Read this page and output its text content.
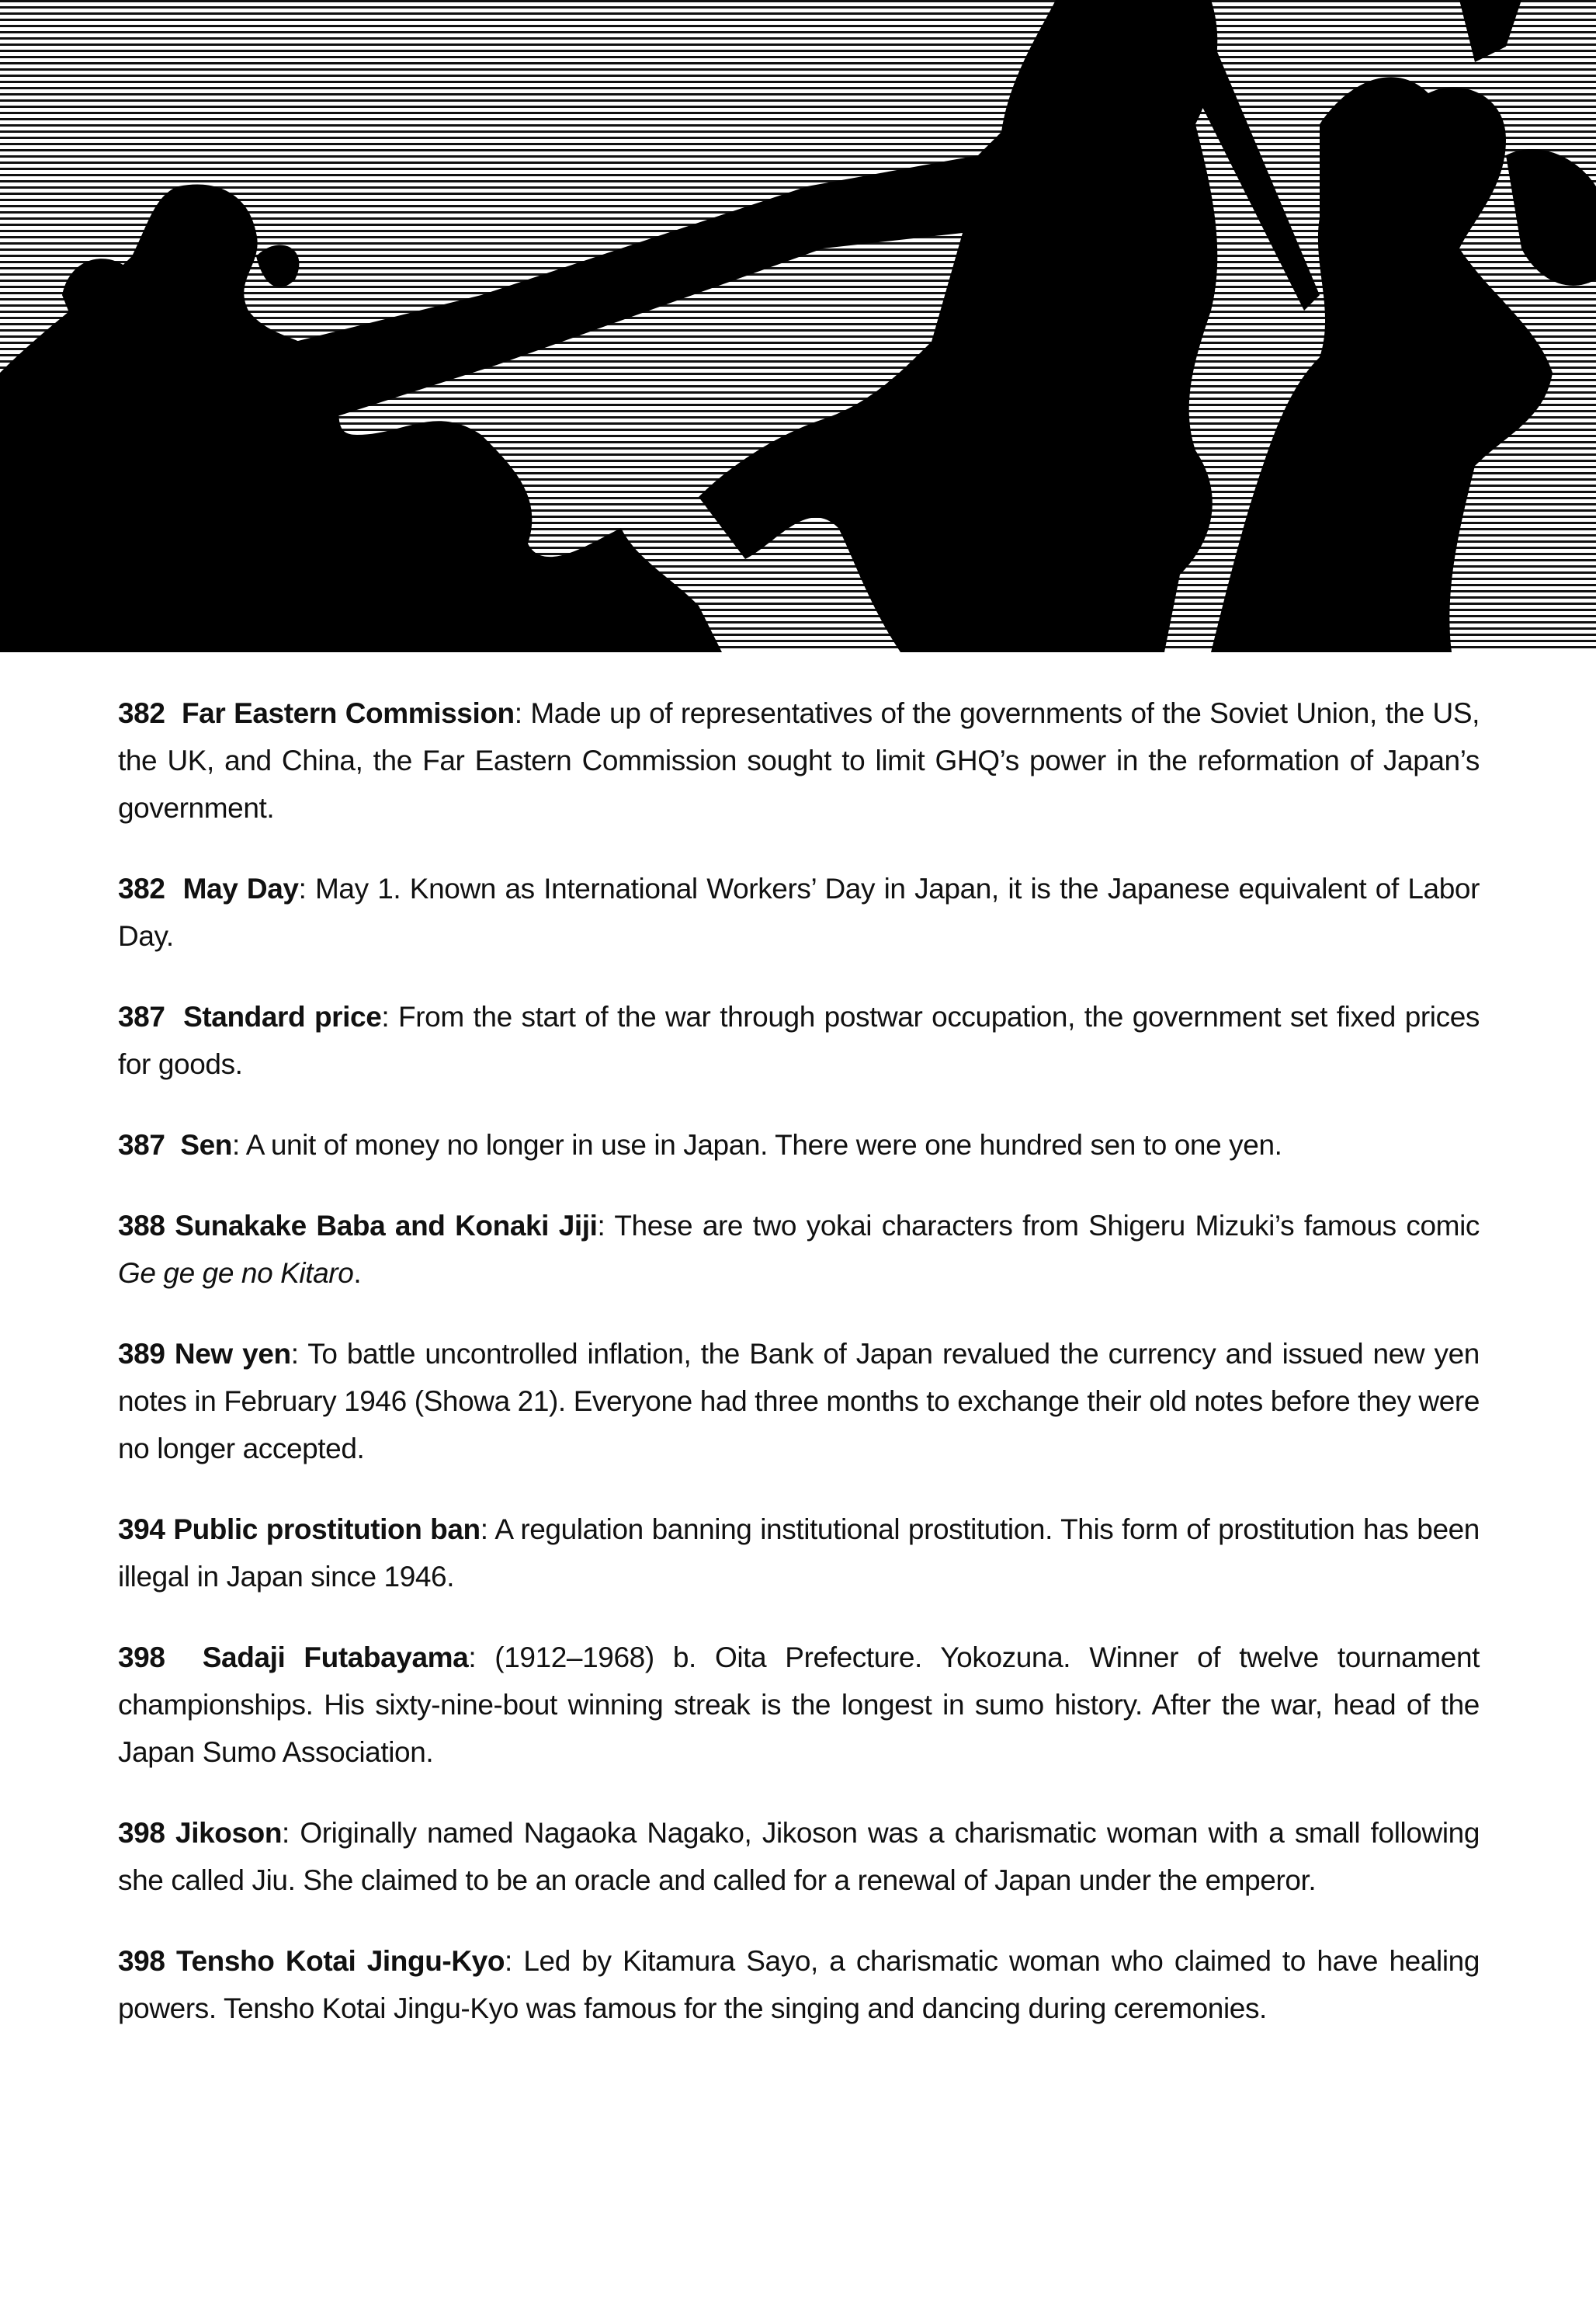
382 Far Eastern Commission: Made up of representatives of the governments of the Soviet Union, the US, the UK, and China, the Far Eastern Commission sought to limit GHQ’s power in the reformation of Japan’s government.

382 May Day: May 1. Known as International Workers’ Day in Japan, it is the Japanese equivalent of Labor Day.

387 Standard price: From the start of the war through postwar occupation, the government set fixed prices for goods.

387 Sen: A unit of money no longer in use in Japan. There were one hundred sen to one yen.

388 Sunakake Baba and Konaki Jiji: These are two yokai characters from Shigeru Mizuki’s famous comic Ge ge ge no Kitaro.

389 New yen: To battle uncontrolled inflation, the Bank of Japan revalued the currency and issued new yen notes in February 1946 (Showa 21). Everyone had three months to exchange their old notes before they were no longer accepted.

394 Public prostitution ban: A regulation banning institutional prostitution. This form of prostitution has been illegal in Japan since 1946.

398 Sadaji Futabayama: (1912–1968) b. Oita Prefecture. Yokozuna. Winner of twelve tournament championships. His sixty-nine-bout winning streak is the longest in sumo history. After the war, head of the Japan Sumo Association.

398 Jikoson: Originally named Nagaoka Nagako, Jikoson was a charismatic woman with a small following she called Jiu. She claimed to be an oracle and called for a renewal of Japan under the emperor.

398 Tensho Kotai Jingu-Kyo: Led by Kitamura Sayo, a charismatic woman who claimed to have healing powers. Tensho Kotai Jingu-Kyo was famous for the singing and dancing during ceremonies.
